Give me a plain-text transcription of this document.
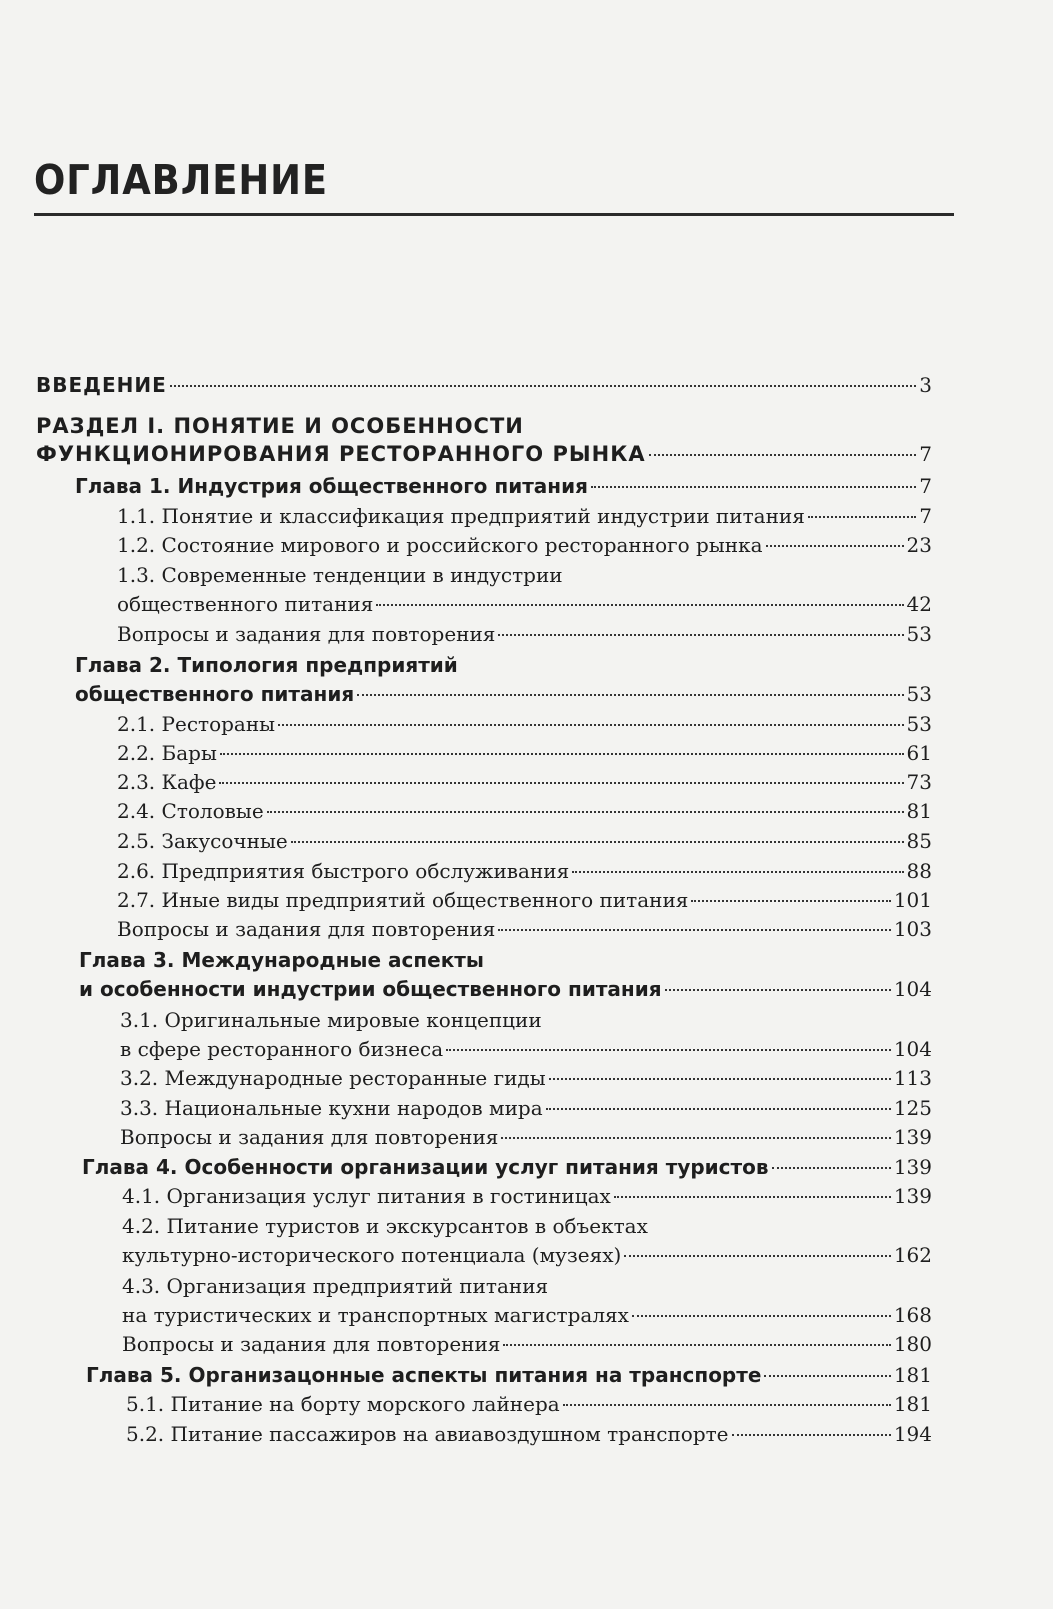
ОГЛАВЛЕНИЕ
ВВЕДЕНИЕ	3
РАЗДЕЛ I. ПОНЯТИЕ И ОСОБЕННОСТИ
ФУНКЦИОНИРОВАНИЯ РЕСТОРАННОГО РЫНКА	7
Глава 1. Индустрия общественного питания	7
1.1. Понятие и классификация предприятий индустрии питания	7
1.2. Состояние мирового и российского ресторанного рынка	23
1.3. Современные тенденции в индустрии
общественного питания	42
Вопросы и задания для повторения	53
Глава 2. Типология предприятий
общественного питания	53
2.1. Рестораны	53
2.2. Бары	61
2.3. Кафе	73
2.4. Столовые	81
2.5. Закусочные	85
2.6. Предприятия быстрого обслуживания	88
2.7. Иные виды предприятий общественного питания	101
Вопросы и задания для повторения	103
Глава 3. Международные аспекты
и особенности индустрии общественного питания	104
3.1. Оригинальные мировые концепции
в сфере ресторанного бизнеса	104
3.2. Международные ресторанные гиды	113
3.3. Национальные кухни народов мира	125
Вопросы и задания для повторения	139
Глава 4. Особенности организации услуг питания туристов	139
4.1. Организация услуг питания в гостиницах	139
4.2. Питание туристов и экскурсантов в объектах
культурно-исторического потенциала (музеях)	162
4.3. Организация предприятий питания
на туристических и транспортных магистралях	168
Вопросы и задания для повторения	180
Глава 5. Организацонные аспекты питания на транспорте	181
5.1. Питание на борту морского лайнера	181
5.2. Питание пассажиров на авиавоздушном транспорте	194
